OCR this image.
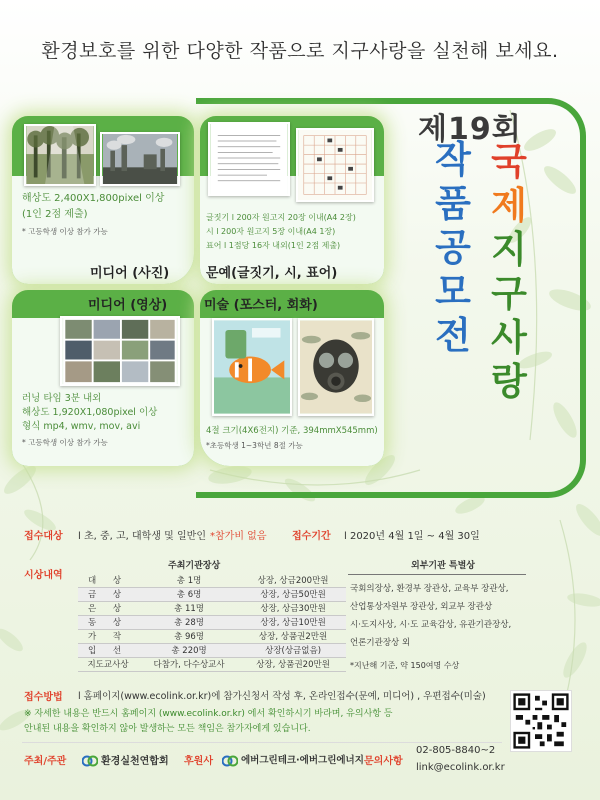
환경보호를 위한 다양한 작품으로 지구사랑을 실천해 보세요.
제19회
국
제
지
구
사
랑
작
품
공
모
전
해상도 2,400X1,800pixel 이상
(1인 2점 제출)
* 고등학생 이상 참가 가능
미디어 (사진)
글짓기 l 200자 원고지 20장 이내(A4 2장)
시 l 200자 원고지 5장 이내(A4 1장)
표어 l 1점당 16자 내외(1인 2점 제출)
문예(글짓기, 시, 표어)
미디어 (영상)
러닝 타임 3분 내외
해상도 1,920X1,080pixel 이상
형식 mp4, wmv, mov, avi
* 고등학생 이상 참가 가능
미술 (포스터, 회화)
4절 크기(4X6전지) 기준, 394mmX545mm)
*초등학생 1~3학년 8절 가능
접수대상 l 초, 중, 고, 대학생 및 일반인 *참가비 없음	접수기간 l 2020년 4월 1일 ~ 4월 30일
시상내역
주최기관장상
대 상	총 1명	상장, 상금200만원
금 상	총 6명	상장, 상금50만원
은 상	총 11명	상장, 상금30만원
동 상	총 28명	상장, 상금10만원
가 작	총 96명	상장, 상품권2만원
입 선	총 220명	상장(상금없음)
지도교사상	다참가, 다수상교사	상장, 상품권20만원
외부기관 특별상
국회의장상, 환경부 장관상, 교육부 장관상,
산업통상자원부 장관상, 외교부 장관상
시·도지사상, 시·도 교육감상, 유관기관장상,
언론기관장상 외
*지난해 기준, 약 150여명 수상
접수방법 l 홈페이지(www.ecolink.or.kr)에 참가신청서 작성 후, 온라인접수(문예, 미디어) , 우편접수(미술)
※ 자세한 내용은 반드시 홈페이지 (www.ecolink.or.kr) 에서 확인하시기 바라며, 유의사항 등
안내된 내용을 확인하지 않아 발생하는 모든 책임은 참가자에게 있습니다.
주최/주관	환경실천연합회 후원사	에버그린테크·에버그린에너지 문의사항
02-805-8840~2
link@ecolink.or.kr
